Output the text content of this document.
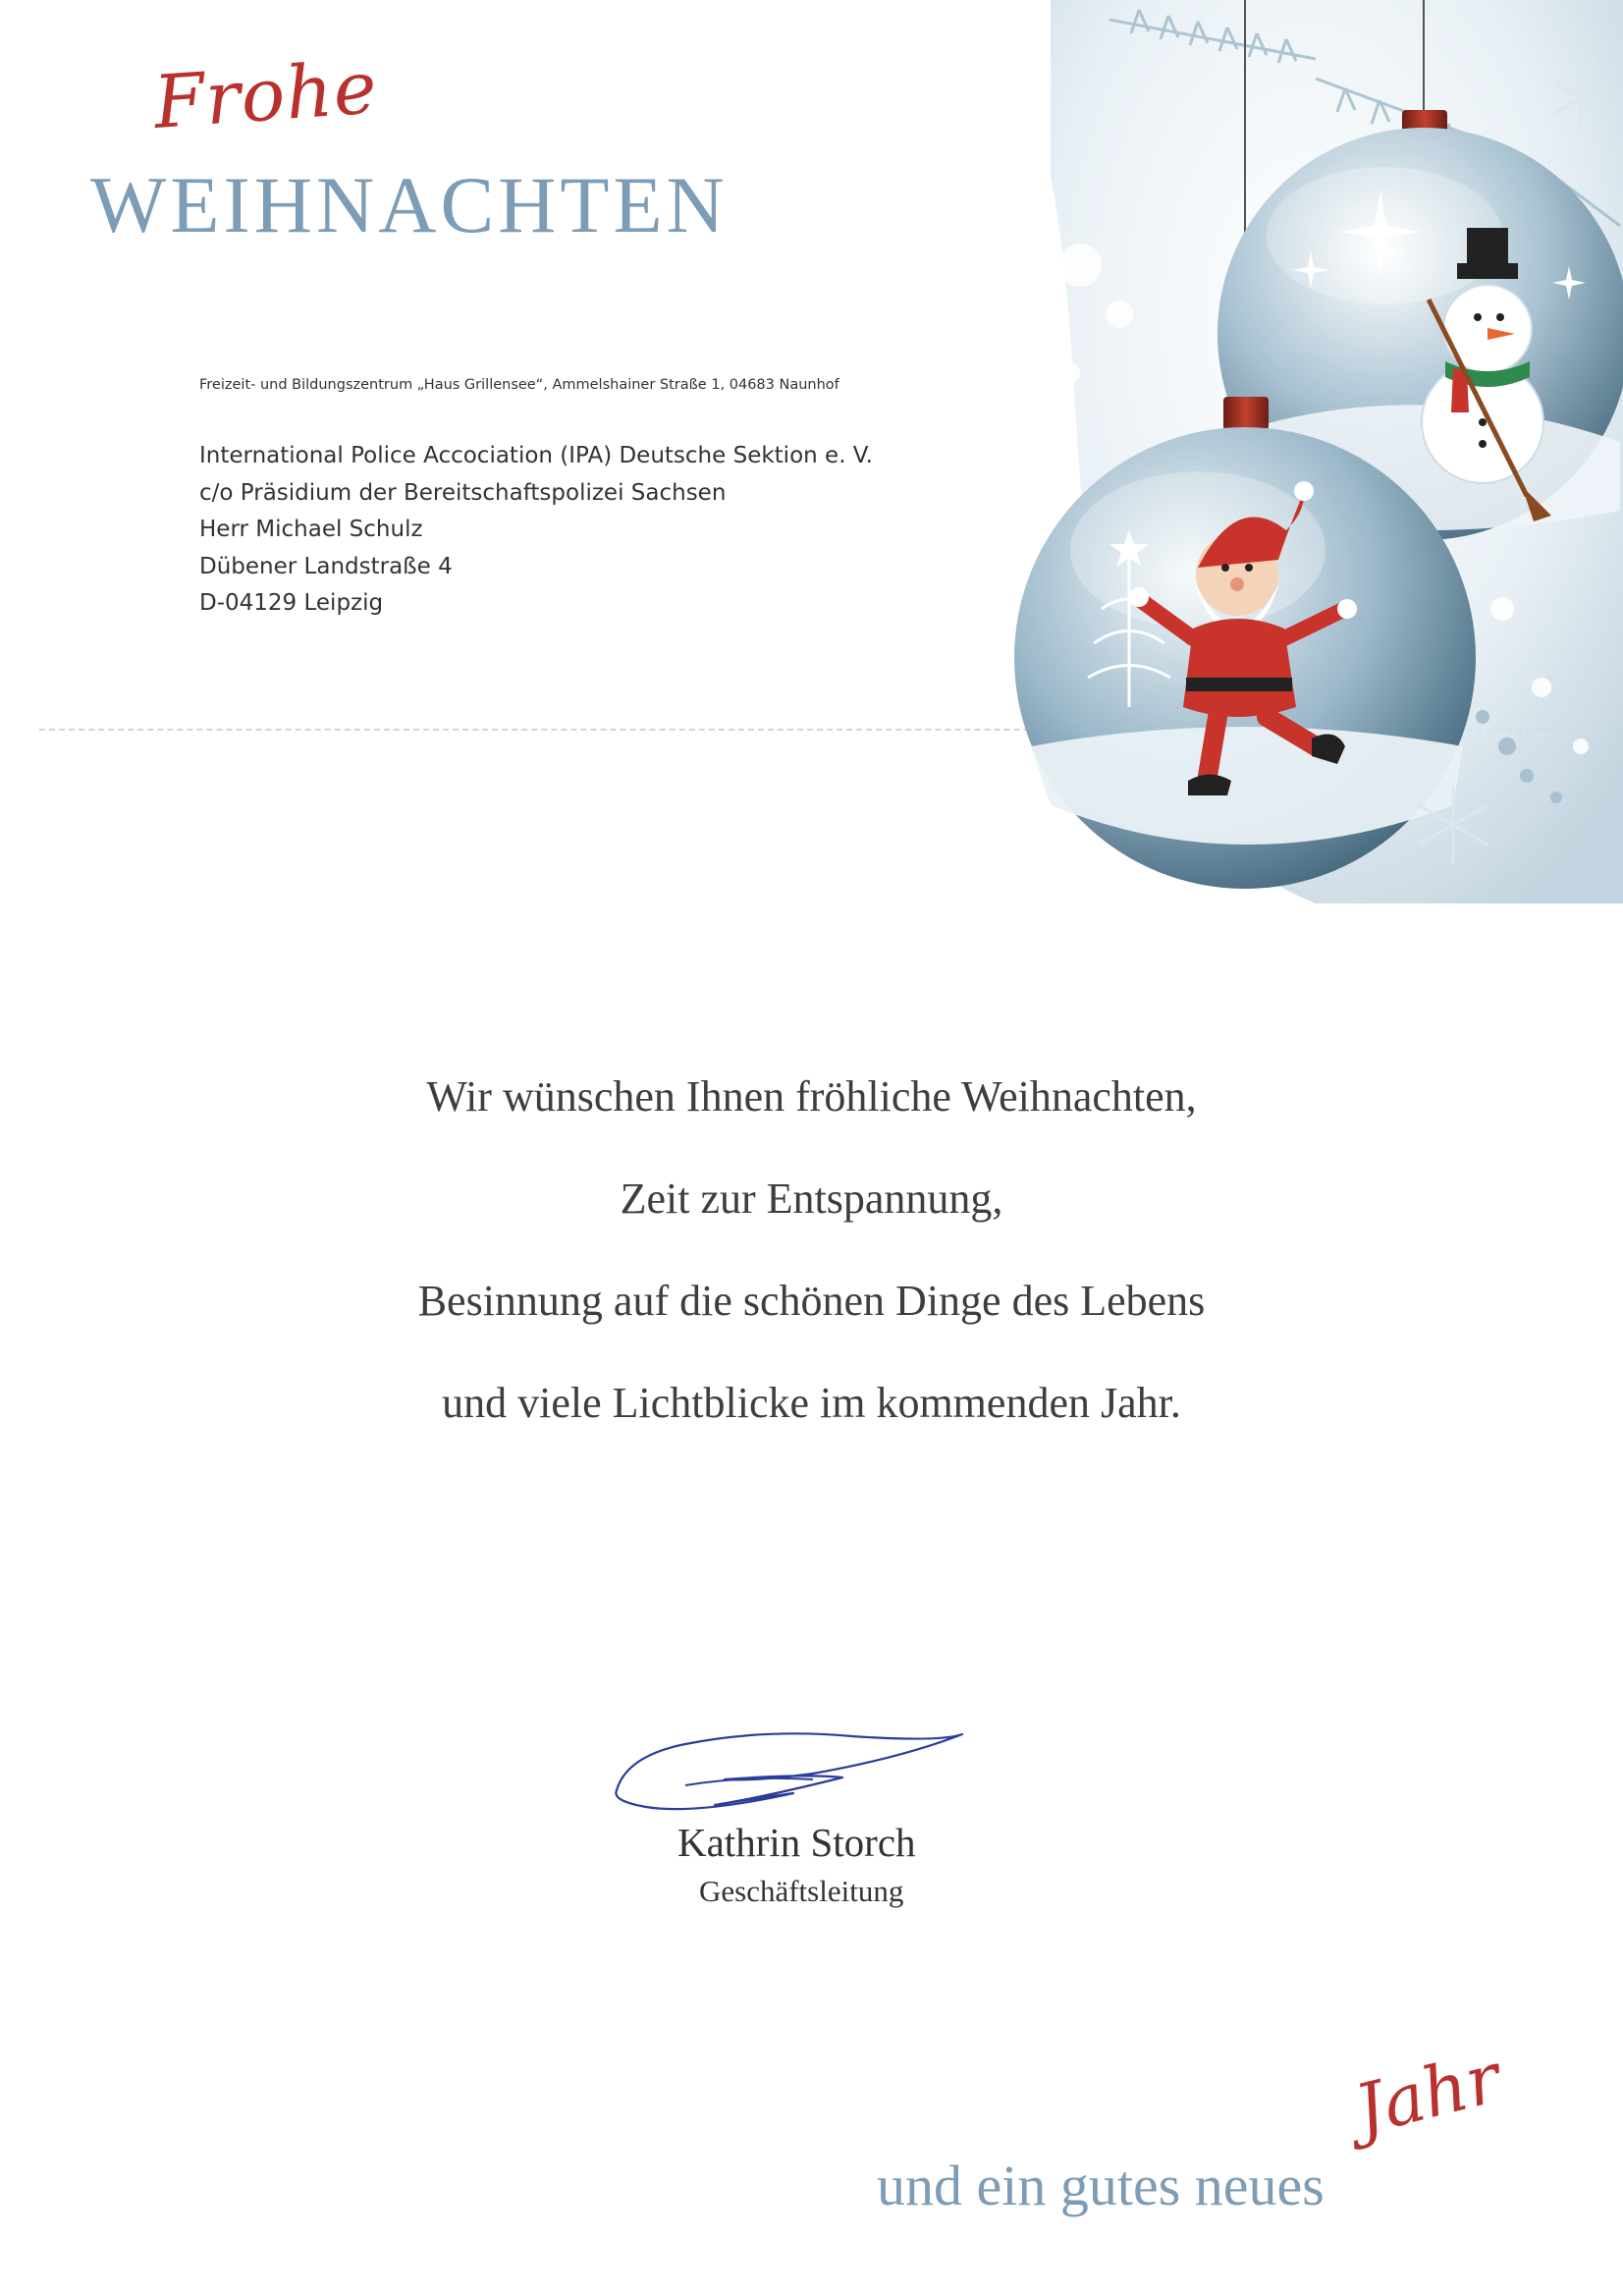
Frohe
WEIHNACHTEN
Freizeit- und Bildungszentrum „Haus Grillensee“, Ammelshainer Straße 1, 04683 Naunhof
International Police Accociation (IPA) Deutsche Sektion e. V.
c/o Präsidium der Bereitschaftspolizei Sachsen
Herr Michael Schulz
Dübener Landstraße 4
D-04129 Leipzig
Wir wünschen Ihnen fröhliche Weihnachten,
Zeit zur Entspannung,
Besinnung auf die schönen Dinge des Lebens
und viele Lichtblicke im kommenden Jahr.
Kathrin Storch
Geschäftsleitung
und ein gutes neues
Jahr
